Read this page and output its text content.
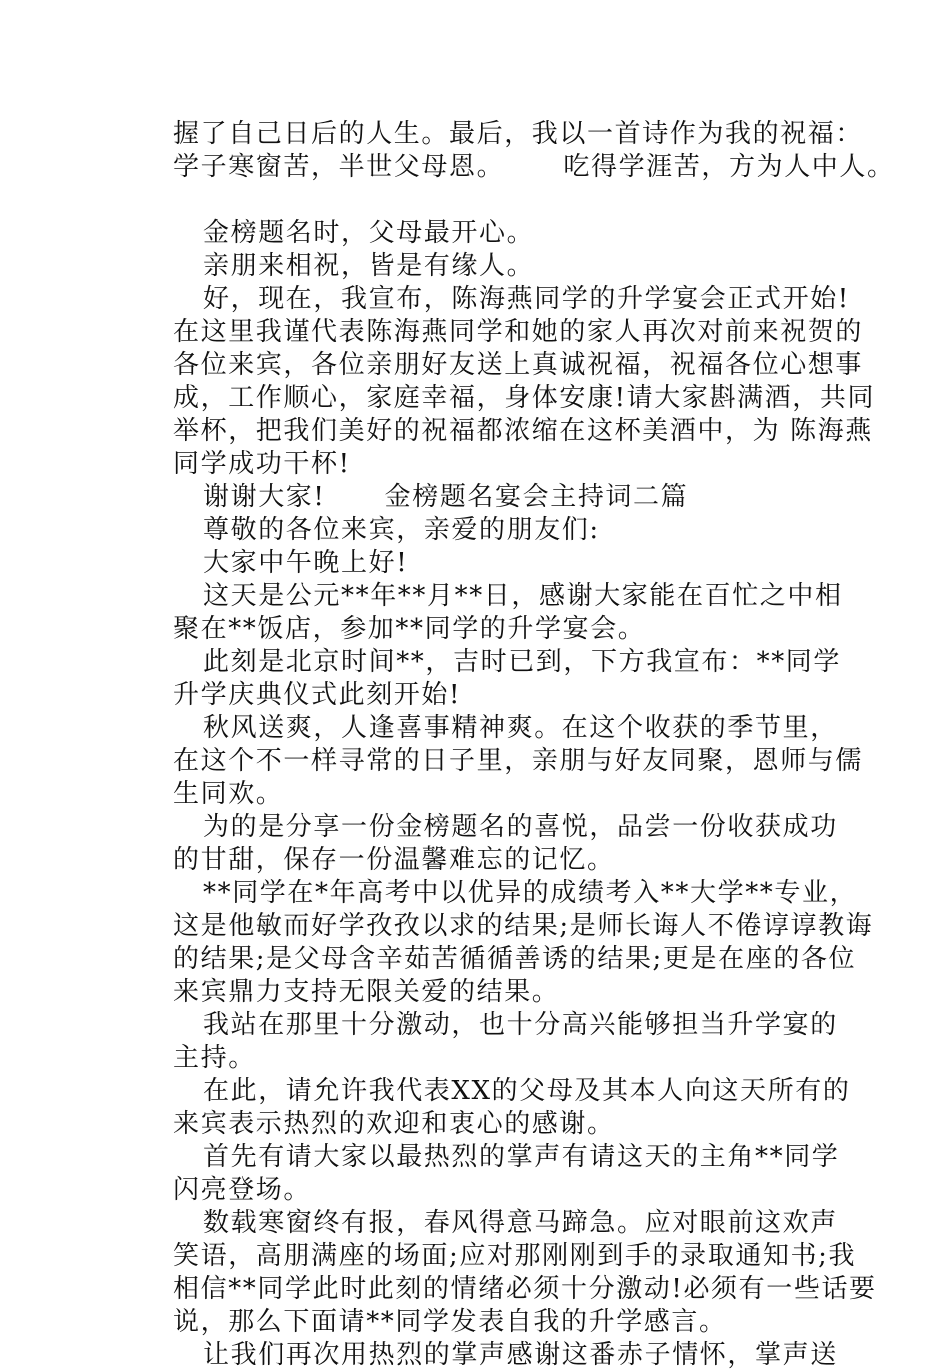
握了自己日后的人生。最后，我以一首诗作为我的祝福：
学子寒窗苦，半世父母恩。      吃得学涯苦，方为人中人。
金榜题名时，父母最开心。
亲朋来相祝，皆是有缘人。
好，现在，我宣布，陈海燕同学的升学宴会正式开始!
在这里我谨代表陈海燕同学和她的家人再次对前来祝贺的
各位来宾，各位亲朋好友送上真诚祝福，祝福各位心想事
成，工作顺心，家庭幸福，身体安康!请大家斟满酒，共同
举杯，把我们美好的祝福都浓缩在这杯美酒中，为 陈海燕
同学成功干杯!
谢谢大家!      金榜题名宴会主持词二篇
尊敬的各位来宾，亲爱的朋友们:
大家中午晚上好!
这天是公元**年**月**日，感谢大家能在百忙之中相
聚在**饭店，参加**同学的升学宴会。
此刻是北京时间**，吉时已到，下方我宣布：**同学
升学庆典仪式此刻开始!
秋风送爽，人逢喜事精神爽。在这个收获的季节里，
在这个不一样寻常的日子里，亲朋与好友同聚，恩师与儒
生同欢。
为的是分享一份金榜题名的喜悦，品尝一份收获成功
的甘甜，保存一份温馨难忘的记忆。
**同学在*年高考中以优异的成绩考入**大学**专业，
这是他敏而好学孜孜以求的结果;是师长诲人不倦谆谆教诲
的结果;是父母含辛茹苦循循善诱的结果;更是在座的各位
来宾鼎力支持无限关爱的结果。
我站在那里十分激动，也十分高兴能够担当升学宴的
主持。
在此，请允许我代表XX的父母及其本人向这天所有的
来宾表示热烈的欢迎和衷心的感谢。
首先有请大家以最热烈的掌声有请这天的主角**同学
闪亮登场。
数载寒窗终有报，春风得意马蹄急。应对眼前这欢声
笑语，高朋满座的场面;应对那刚刚到手的录取通知书;我
相信**同学此时此刻的情绪必须十分激动!必须有一些话要
说，那么下面请**同学发表自我的升学感言。
让我们再次用热烈的掌声感谢这番赤子情怀，掌声送
